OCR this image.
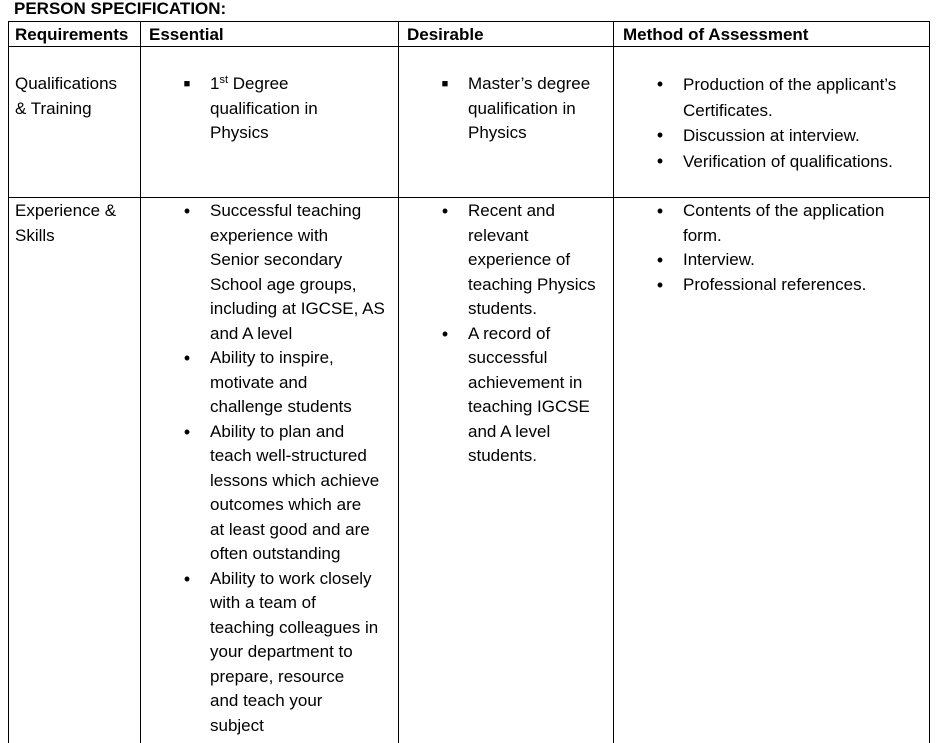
PERSON SPECIFICATION:
Requirements Essential	Desirable	Method of Assessment
Qualifications
& Training
■ 1st Degree
qualification in
Physics
■ Master’s degree
qualification in
Physics
• Production of the applicant’s
Certificates.
• Discussion at interview.
• Verification of qualifications.
Experience &
Skills
• Successful teaching
experience with
Senior secondary
School age groups,
including at IGCSE, AS
and A level
• Ability to inspire,
motivate and
challenge students
• Ability to plan and
teach well-structured
lessons which achieve
outcomes which are
at least good and are
often outstanding
• Ability to work closely
with a team of
teaching colleagues in
your department to
prepare, resource
and teach your
subject
• Recent and
relevant
experience of
teaching Physics
students.
• A record of
successful
achievement in
teaching IGCSE
and A level
students.
• Contents of the application
form.
• Interview.
• Professional references.
